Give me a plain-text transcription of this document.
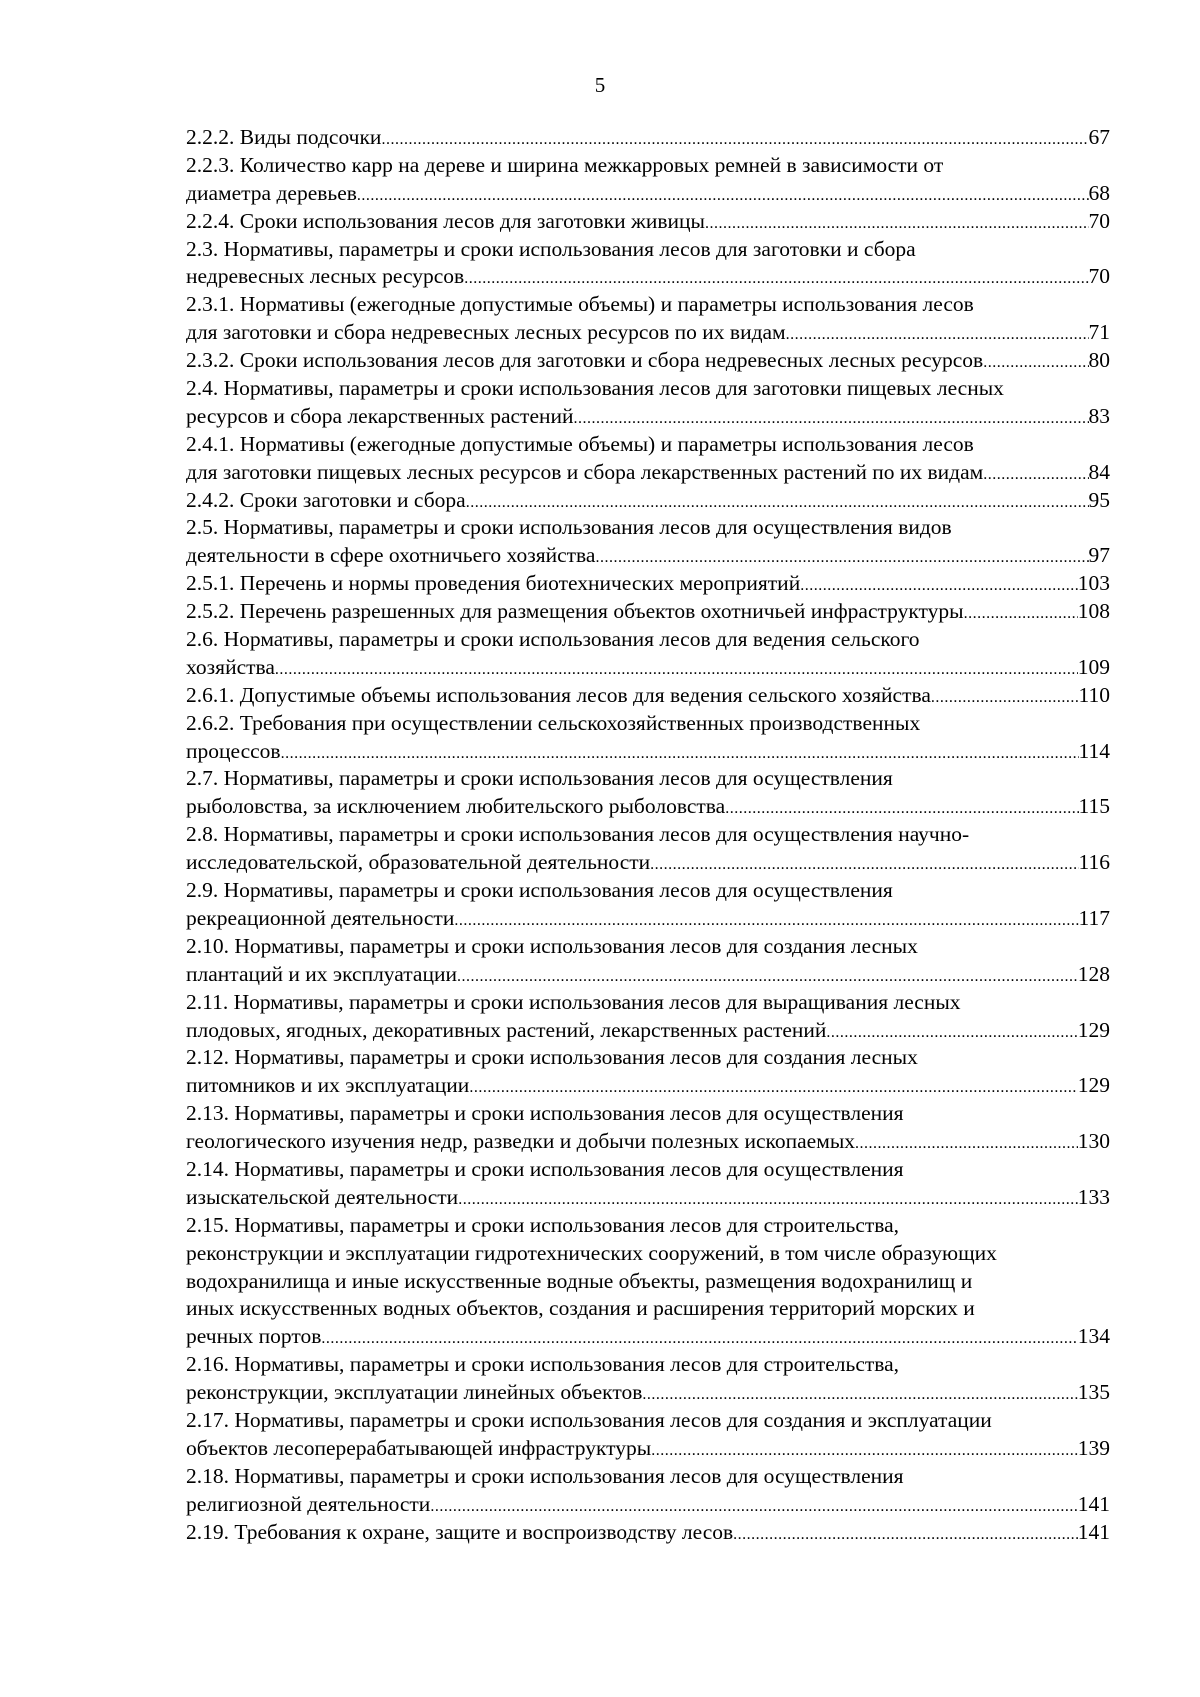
5
2.2.2. Виды подсочки .....	67
2.2.3. Количество карр на дереве и ширина межкарровых ремней в зависимости от
диаметра деревьев .....	68
2.2.4. Сроки использования лесов для заготовки живицы .....	70
2.3. Нормативы, параметры и сроки использования лесов для заготовки и сбора
недревесных лесных ресурсов .....	70
2.3.1. Нормативы (ежегодные допустимые объемы) и параметры использования лесов
для заготовки и сбора недревесных лесных ресурсов по их видам .....	71
2.3.2. Сроки использования лесов для заготовки и сбора недревесных лесных ресурсов .....	80
2.4. Нормативы, параметры и сроки использования лесов для заготовки пищевых лесных
ресурсов и сбора лекарственных растений .....	83
2.4.1. Нормативы (ежегодные допустимые объемы) и параметры использования лесов
для заготовки пищевых лесных ресурсов и сбора лекарственных растений по их видам .....	84
2.4.2. Сроки заготовки и сбора .....	95
2.5. Нормативы, параметры и сроки использования лесов для осуществления видов
деятельности в сфере охотничьего хозяйства .....	97
2.5.1. Перечень и нормы проведения биотехнических мероприятий .....	103
2.5.2. Перечень разрешенных для размещения объектов охотничьей инфраструктуры .....	108
2.6. Нормативы, параметры и сроки использования лесов для ведения сельского
хозяйства .....	109
2.6.1. Допустимые объемы использования лесов для ведения сельского хозяйства .....	110
2.6.2. Требования при осуществлении сельскохозяйственных производственных
процессов .....	114
2.7. Нормативы, параметры и сроки использования лесов для осуществления
рыболовства, за исключением любительского рыболовства .....	115
2.8. Нормативы, параметры и сроки использования лесов для осуществления научно-
исследовательской, образовательной деятельности .....	116
2.9. Нормативы, параметры и сроки использования лесов для осуществления
рекреационной деятельности .....	117
2.10. Нормативы, параметры и сроки использования лесов для создания лесных
плантаций и их эксплуатации .....	128
2.11. Нормативы, параметры и сроки использования лесов для выращивания лесных
плодовых, ягодных, декоративных растений, лекарственных растений .....	129
2.12. Нормативы, параметры и сроки использования лесов для создания лесных
питомников и их эксплуатации .....	129
2.13. Нормативы, параметры и сроки использования лесов для осуществления
геологического изучения недр, разведки и добычи полезных ископаемых .....	130
2.14. Нормативы, параметры и сроки использования лесов для осуществления
изыскательской деятельности .....	133
2.15. Нормативы, параметры и сроки использования лесов для строительства,
реконструкции и эксплуатации гидротехнических сооружений, в том числе образующих
водохранилища и иные искусственные водные объекты, размещения водохранилищ и
иных искусственных водных объектов, создания и расширения территорий морских и
речных портов .....	134
2.16. Нормативы, параметры и сроки использования лесов для строительства,
реконструкции, эксплуатации линейных объектов .....	135
2.17. Нормативы, параметры и сроки использования лесов для создания и эксплуатации
объектов лесоперерабатывающей инфраструктуры .....	139
2.18. Нормативы, параметры и сроки использования лесов для осуществления
религиозной деятельности .....	141
2.19. Требования к охране, защите и воспроизводству лесов .....	141
